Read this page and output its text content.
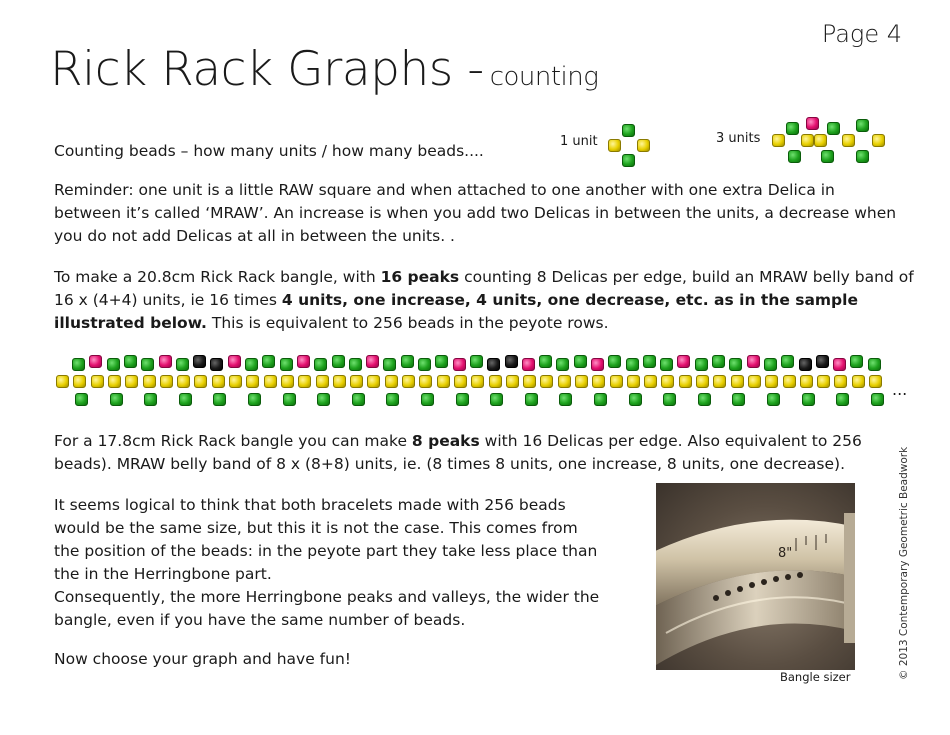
Page 4
Rick Rack Graphs - counting
Counting beads – how many units / how many beads....
1 unit	3 units
Reminder: one unit is a little RAW square and when attached to one another with one extra Delica in between it’s called ‘MRAW’. An increase is when you add two Delicas in between the units, a decrease when you do not add Delicas at all in between the units. .
To make a 20.8cm Rick Rack bangle, with 16 peaks counting 8 Delicas per edge, build an MRAW belly band of 16 x (4+4) units, ie 16 times 4 units, one increase, 4 units, one decrease, etc. as in the sample illustrated below. This is equivalent to 256 beads in the peyote rows.
...
For a 17.8cm Rick Rack bangle you can make 8 peaks with 16 Delicas per edge. Also equivalent to 256 beads). MRAW belly band of 8 x (8+8) units, ie. (8 times 8 units, one increase, 8 units, one decrease).
It seems logical to think that both bracelets made with 256 beads would be the same size, but this it is not the case. This comes from the position of the beads: in the peyote part they take less place than the in the Herringbone part.
Consequently, the more Herringbone peaks and valleys, the wider the bangle, even if you have the same number of beads.
Now choose your graph and have fun!
8"
Bangle sizer	© 2013 Contemporary Geometric Beadwork
